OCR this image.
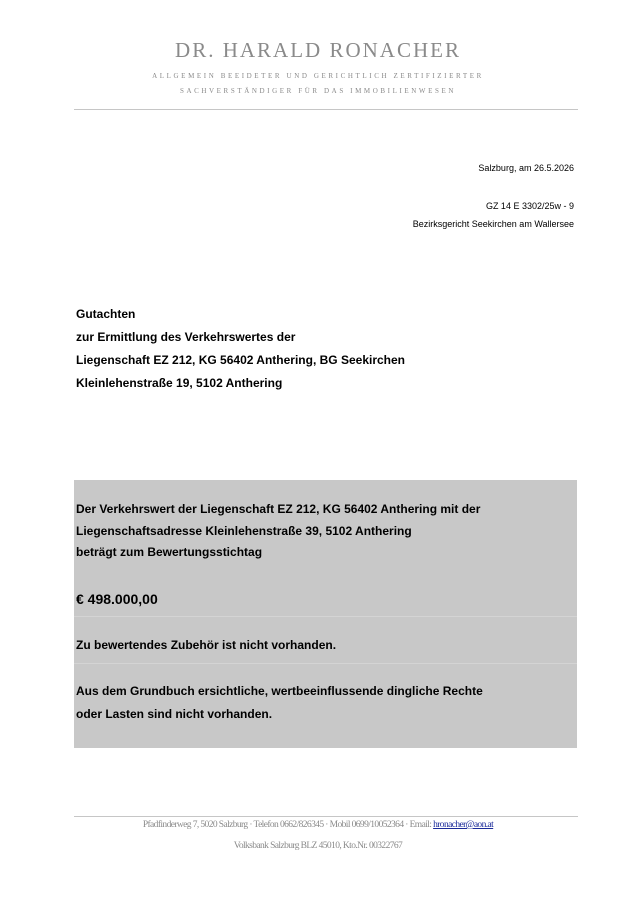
DR. HARALD RONACHER
ALLGEMEIN BEEIDETER UND GERICHTLICH ZERTIFIZIERTER
SACHVERSTÄNDIGER FÜR DAS IMMOBILIENWESEN
Salzburg, am 26.5.2026
GZ 14 E 3302/25w - 9
Bezirksgericht Seekirchen am Wallersee
Gutachten
zur Ermittlung des Verkehrswertes der
Liegenschaft EZ 212, KG 56402 Anthering, BG Seekirchen
Kleinlehenstraße 19, 5102 Anthering
Der Verkehrswert der Liegenschaft EZ 212, KG 56402 Anthering mit der
Liegenschaftsadresse Kleinlehenstraße 39, 5102 Anthering
beträgt zum Bewertungsstichtag
€ 498.000,00
Zu bewertendes Zubehör ist nicht vorhanden.
Aus dem Grundbuch ersichtliche, wertbeeinflussende dingliche Rechte
oder Lasten sind nicht vorhanden.
Pfadfinderweg 7, 5020 Salzburg · Telefon 0662/826345 · Mobil 0699/10052364 · Email: hronacher@aon.at
Volksbank Salzburg BLZ 45010, Kto.Nr. 00322767
